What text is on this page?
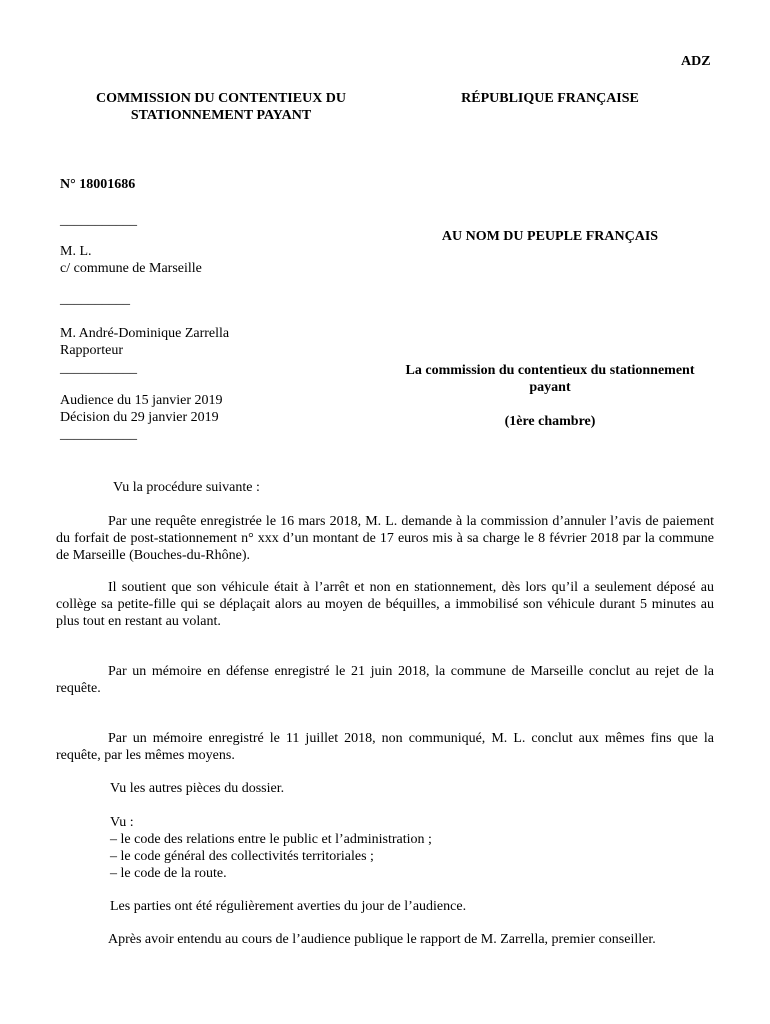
ADZ
COMMISSION DU CONTENTIEUX DU
STATIONNEMENT PAYANT
RÉPUBLIQUE FRANÇAISE
N° 18001686
___________
M. L.
c/ commune de Marseille
__________
M. André-Dominique Zarrella
Rapporteur
___________
Audience du 15 janvier 2019
Décision du 29 janvier 2019
___________
AU NOM DU PEUPLE FRANÇAIS
La commission du contentieux du stationnement
payant
(1ère chambre)
Vu la procédure suivante :
Par une requête enregistrée le 16 mars 2018, M. L. demande à la commission d’annuler l’avis de paiement du forfait de post-stationnement n° xxx d’un montant de 17 euros mis à sa charge le 8 février 2018 par la commune de Marseille (Bouches-du-Rhône).
Il soutient que son véhicule était à l’arrêt et non en stationnement, dès lors qu’il a seulement déposé au collège sa petite-fille qui se déplaçait alors au moyen de béquilles, a immobilisé son véhicule durant 5 minutes au plus tout en restant au volant.
Par un mémoire en défense enregistré le 21 juin 2018, la commune de Marseille conclut au rejet de la requête.
Par un mémoire enregistré le 11 juillet 2018, non communiqué, M. L. conclut aux mêmes fins que la requête, par les mêmes moyens.
Vu les autres pièces du dossier.
Vu :
– le code des relations entre le public et l’administration ;
– le code général des collectivités territoriales ;
– le code de la route.
Les parties ont été régulièrement averties du jour de l’audience.
Après avoir entendu au cours de l’audience publique le rapport de M. Zarrella, premier conseiller.
